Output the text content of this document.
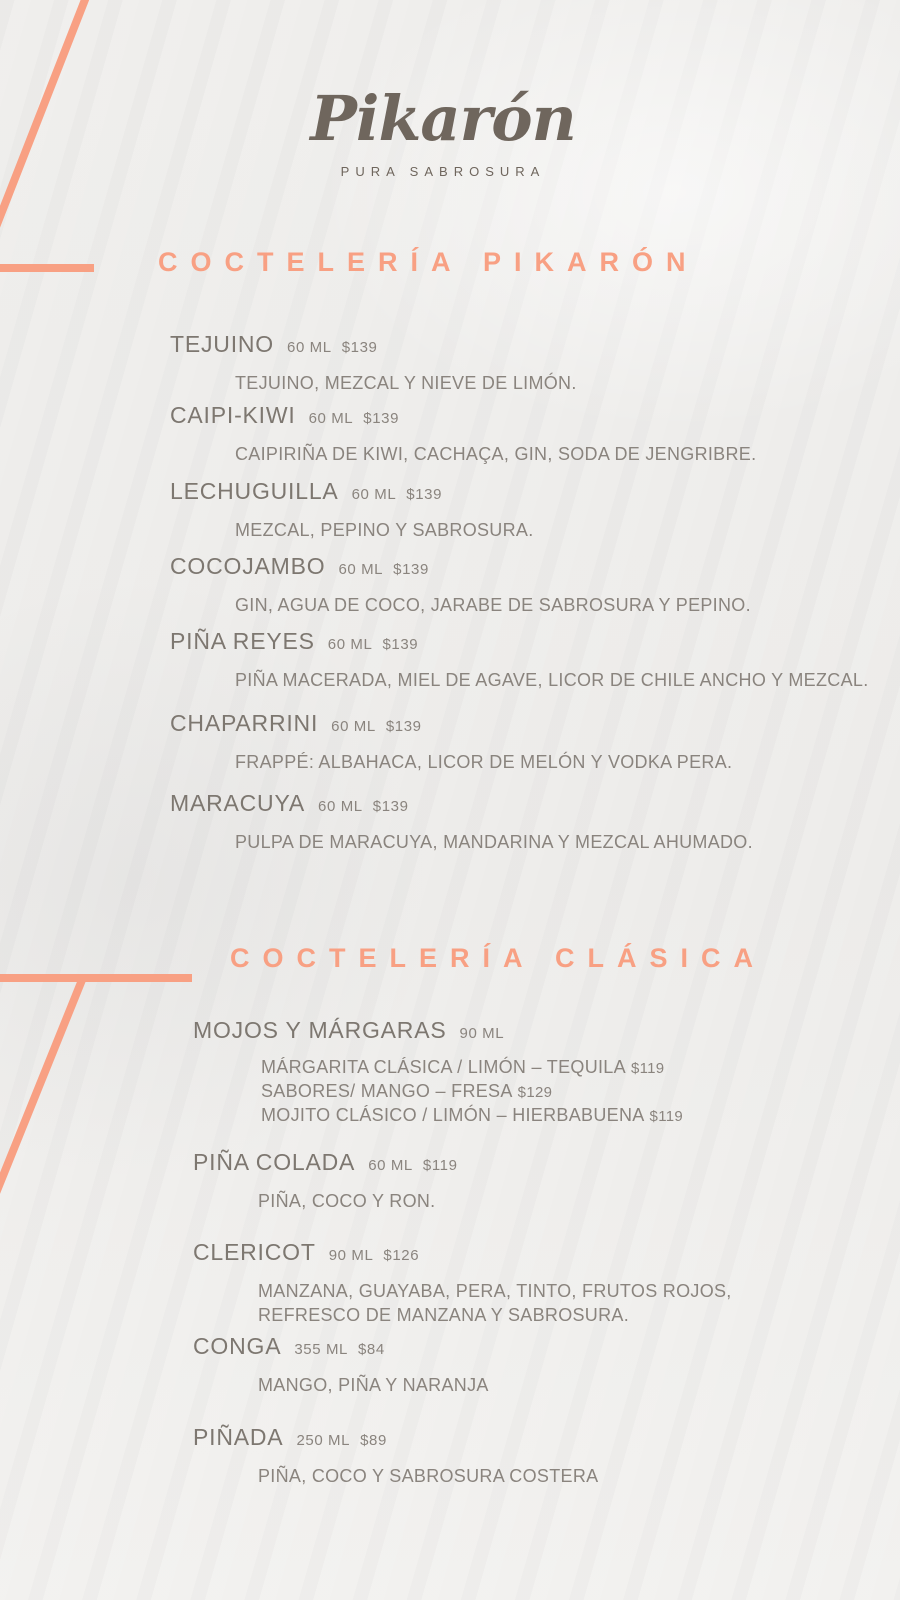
Pikarón
PURA SABROSURA
COCTELERÍA PIKARÓN
TEJUINO 60 ML $139
TEJUINO, MEZCAL Y NIEVE DE LIMÓN.
CAIPI-KIWI 60 ML $139
CAIPIRIÑA DE KIWI, CACHAÇA, GIN, SODA DE JENGRIBRE.
LECHUGUILLA 60 ML $139
MEZCAL, PEPINO Y SABROSURA.
COCOJAMBO 60 ML $139
GIN, AGUA DE COCO, JARABE DE SABROSURA Y PEPINO.
PIÑA REYES 60 ML $139
PIÑA MACERADA, MIEL DE AGAVE, LICOR DE CHILE ANCHO Y MEZCAL.
CHAPARRINI 60 ML $139
FRAPPÉ: ALBAHACA, LICOR DE MELÓN Y VODKA PERA.
MARACUYA 60 ML $139
PULPA DE MARACUYA, MANDARINA Y MEZCAL AHUMADO.
COCTELERÍA CLÁSICA
MOJOS Y MÁRGARAS 90 ML
MÁRGARITA CLÁSICA / LIMÓN – TEQUILA $119
SABORES/ MANGO – FRESA $129
MOJITO CLÁSICO / LIMÓN – HIERBABUENA $119
PIÑA COLADA 60 ML $119
PIÑA, COCO Y RON.
CLERICOT 90 ML $126
MANZANA, GUAYABA, PERA, TINTO, FRUTOS ROJOS,
REFRESCO DE MANZANA Y SABROSURA.
CONGA 355 ML $84
MANGO, PIÑA Y NARANJA
PIÑADA 250 ML $89
PIÑA, COCO Y SABROSURA COSTERA
